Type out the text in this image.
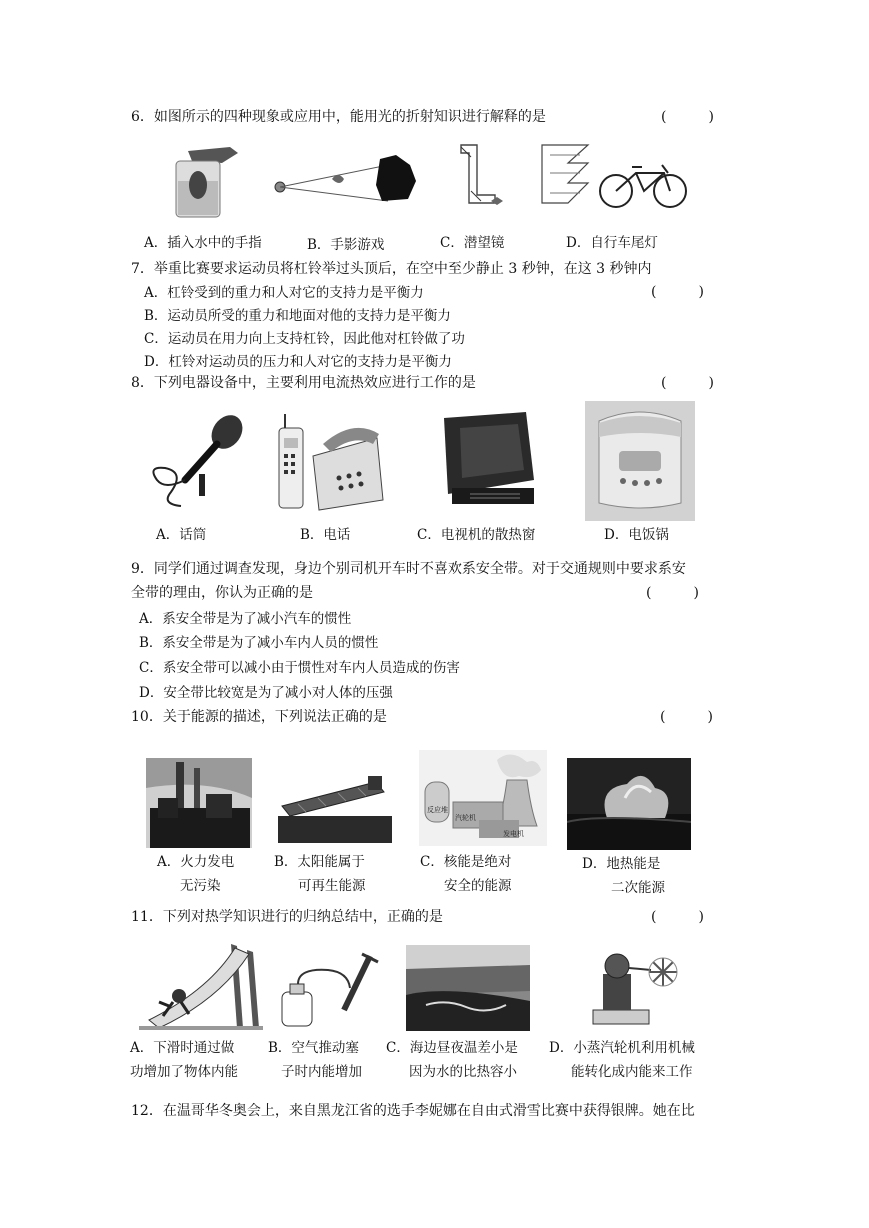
6．如图所示的四种现象或应用中，能用光的折射知识进行解释的是	(　　　)
A．插入水中的手指	B．手影游戏	C．潜望镜	D．自行车尾灯
7．举重比赛要求运动员将杠铃举过头顶后，在空中至少静止 3 秒钟，在这 3 秒钟内
(　　　)
A．杠铃受到的重力和人对它的支持力是平衡力
B．运动员所受的重力和地面对他的支持力是平衡力
C．运动员在用力向上支持杠铃，因此他对杠铃做了功
D．杠铃对运动员的压力和人对它的支持力是平衡力
8．下列电器设备中，主要利用电流热效应进行工作的是	(　　　)
A．话筒	B．电话	C．电视机的散热窗	D．电饭锅
9．同学们通过调查发现，身边个别司机开车时不喜欢系安全带。对于交通规则中要求系安
全带的理由，你认为正确的是	(　　　)
A．系安全带是为了减小汽车的惯性
B．系安全带是为了减小车内人员的惯性
C．系安全带可以减小由于惯性对车内人员造成的伤害
D．安全带比较宽是为了减小对人体的压强
10．关于能源的描述，下列说法正确的是	(　　　)
反应堆
汽轮机
发电机
A．火力发电
无污染
B．太阳能属于
可再生能源
C．核能是绝对
安全的能源
D．地热能是
二次能源
11．下列对热学知识进行的归纳总结中，正确的是	(　　　)
A．下滑时通过做
功增加了物体内能
B．空气推动塞
子时内能增加
C．海边昼夜温差小是
因为水的比热容小
D．小蒸汽轮机利用机械
能转化成内能来工作
12．在温哥华冬奥会上，来自黑龙江省的选手李妮娜在自由式滑雪比赛中获得银牌。她在比
